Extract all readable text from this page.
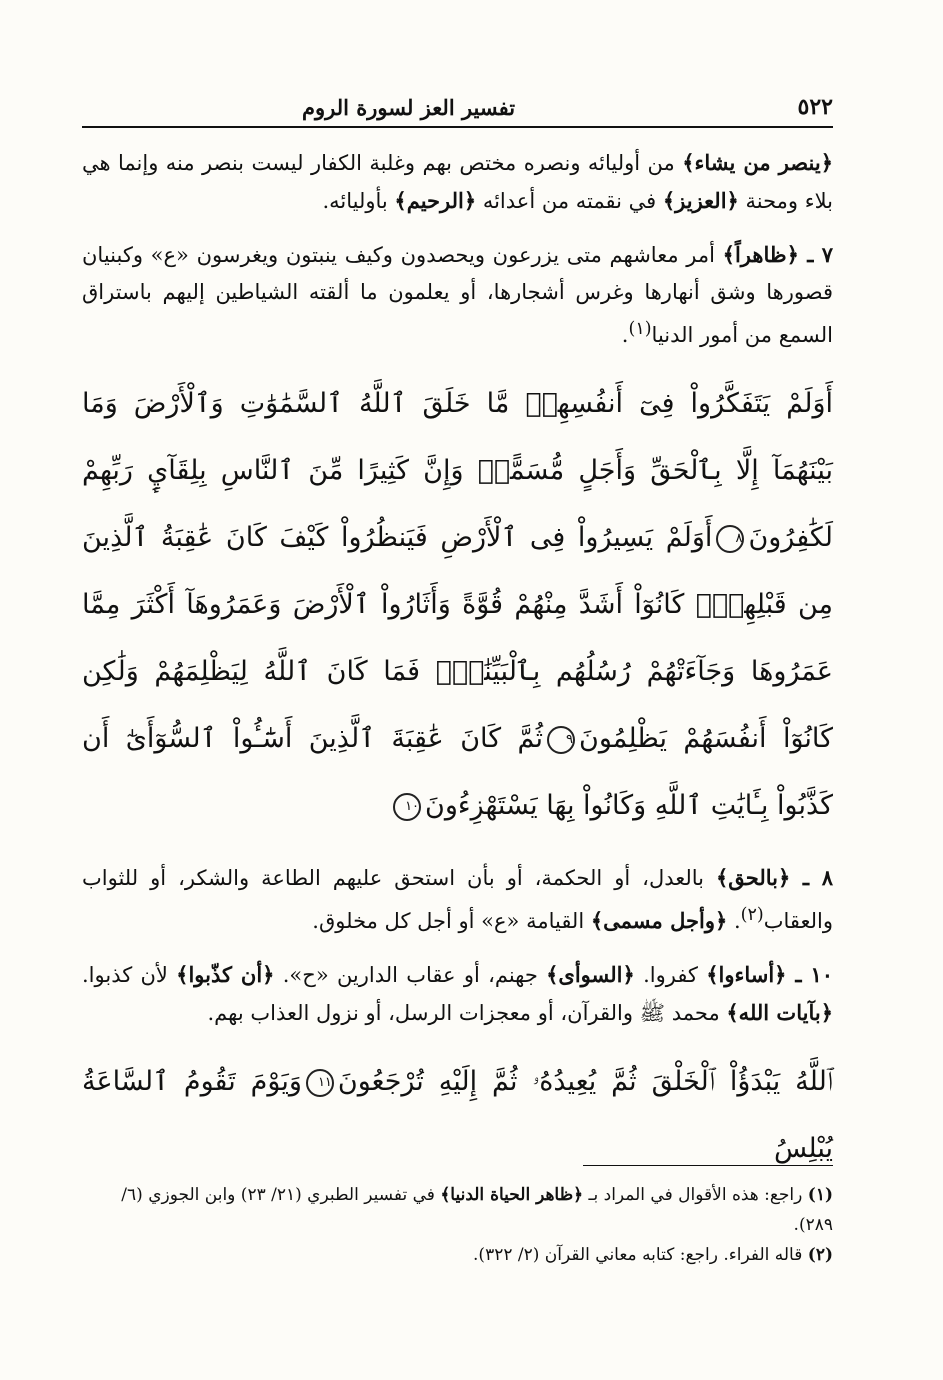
٥٢٢
تفسير العز لسورة الروم

﴿ينصر من يشاء﴾ من أوليائه ونصره مختص بهم وغلبة الكفار ليست بنصر منه وإنما هي بلاء ومحنة ﴿العزيز﴾ في نقمته من أعدائه ﴿الرحيم﴾ بأوليائه.

٧ ـ ﴿ظاهراً﴾ أمر معاشهم متى يزرعون ويحصدون وكيف ينبتون ويغرسون «ع» وكبنيان قصورها وشق أنهارها وغرس أشجارها، أو يعلمون ما ألقته الشياطين إليهم باستراق السمع من أمور الدنيا$^{(١)}$.

أَوَلَمْ يَتَفَكَّرُواْ فِىٓ أَنفُسِهِمۗ مَّا خَلَقَ ٱللَّهُ ٱلسَّمَٰوَٰتِ وَٱلْأَرْضَ وَمَا بَيْنَهُمَآ إِلَّا بِٱلْحَقِّ وَأَجَلٍ مُّسَمًّىۗ وَإِنَّ كَثِيرًا مِّنَ ٱلنَّاسِ بِلِقَآيِٕ رَبِّهِمْ لَكَٰفِرُونَ٨أَوَلَمْ يَسِيرُواْ فِى ٱلْأَرْضِ فَيَنظُرُواْ كَيْفَ كَانَ عَٰقِبَةُ ٱلَّذِينَ مِن قَبْلِهِمْۚ كَانُوٓاْ أَشَدَّ مِنْهُمْ قُوَّةً وَأَثَارُواْ ٱلْأَرْضَ وَعَمَرُوهَآ أَكْثَرَ مِمَّا عَمَرُوهَا وَجَآءَتْهُمْ رُسُلُهُم بِٱلْبَيِّنَٰتِۖ فَمَا كَانَ ٱللَّهُ لِيَظْلِمَهُمْ وَلَٰكِن كَانُوٓاْ أَنفُسَهُمْ يَظْلِمُونَ٩ثُمَّ كَانَ عَٰقِبَةَ ٱلَّذِينَ أَسَٰٓـُٔواْ ٱلسُّوٓأَىٰٓ أَن كَذَّبُواْ بِـَٔايَٰتِ ٱللَّهِ وَكَانُواْ بِهَا يَسْتَهْزِءُونَ١٠

٨ ـ ﴿بالحق﴾ بالعدل، أو الحكمة، أو بأن استحق عليهم الطاعة والشكر، أو للثواب والعقاب$^{(٢)}$. ﴿وأجل مسمى﴾ القيامة «ع» أو أجل كل مخلوق.

١٠ ـ ﴿أساءوا﴾ كفروا. ﴿السوأى﴾ جهنم، أو عقاب الدارين «ح». ﴿أن كذّبوا﴾ لأن كذبوا. ﴿بآيات الله﴾ محمد ﷺ والقرآن، أو معجزات الرسل، أو نزول العذاب بهم.

ٱللَّهُ يَبْدَؤُاْ ٱلْخَلْقَ ثُمَّ يُعِيدُهُۥ ثُمَّ إِلَيْهِ تُرْجَعُونَ١١وَيَوْمَ تَقُومُ ٱلسَّاعَةُ يُبْلِسُ

(١) راجع: هذه الأقوال في المراد بـ ﴿ظاهر الحياة الدنيا﴾ في تفسير الطبري (٢١/ ٢٣) وابن الجوزي (٦/ ٢٨٩).

(٢) قاله الفراء. راجع: كتابه معاني القرآن (٢/ ٣٢٢).
